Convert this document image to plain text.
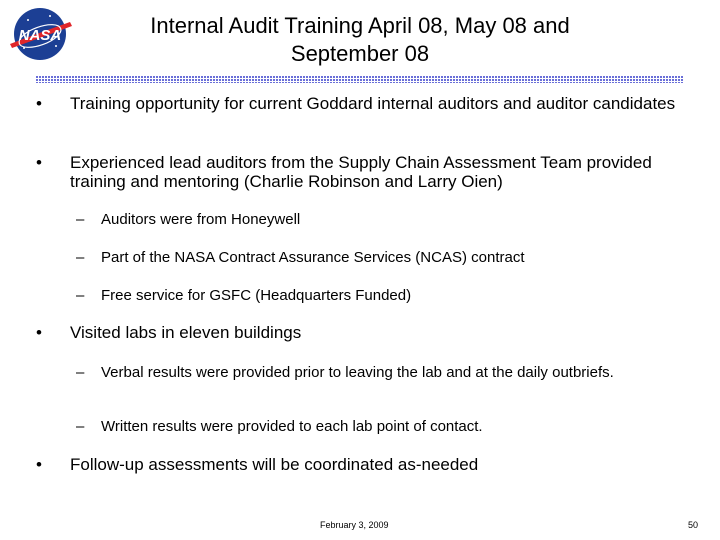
NASA	Internal Audit Training April 08, May 08 and
September 08
• Training opportunity for current Goddard internal auditors and auditor candidates
• Experienced lead auditors from the Supply Chain Assessment Team provided training and mentoring (Charlie Robinson and Larry Oien)
– Auditors were from Honeywell
– Part of the NASA Contract Assurance Services (NCAS) contract
– Free service for GSFC (Headquarters Funded)
• Visited labs in eleven buildings
– Verbal results were provided prior to leaving the lab and at the daily outbriefs.
– Written results were provided to each lab point of contact.
• Follow-up assessments will be coordinated as-needed
February 3, 2009	50
